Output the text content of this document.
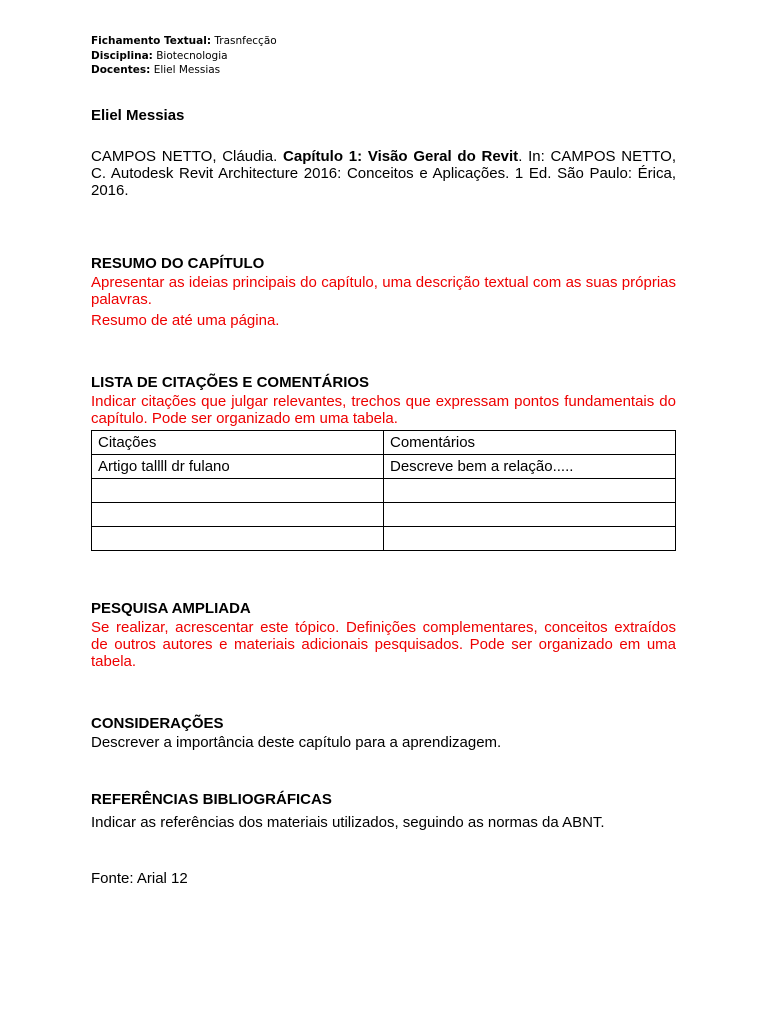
Fichamento Textual: Trasnfecção
Disciplina: Biotecnologia
Docentes: Eliel Messias
Eliel Messias
CAMPOS NETTO, Cláudia. Capítulo 1: Visão Geral do Revit. In: CAMPOS NETTO, C. Autodesk Revit Architecture 2016: Conceitos e Aplicações. 1 Ed. São Paulo: Érica, 2016.
RESUMO DO CAPÍTULO
Apresentar as ideias principais do capítulo, uma descrição textual com as suas próprias palavras.
Resumo de até uma página.
LISTA DE CITAÇÕES E COMENTÁRIOS
Indicar citações que julgar relevantes, trechos que expressam pontos fundamentais do capítulo. Pode ser organizado em uma tabela.
Citações	Comentários
Artigo tallll dr fulano	Descreve bem a relação.....

PESQUISA AMPLIADA
Se realizar, acrescentar este tópico. Definições complementares, conceitos extraídos de outros autores e materiais adicionais pesquisados. Pode ser organizado em uma tabela.
CONSIDERAÇÕES
Descrever a importância deste capítulo para a aprendizagem.
REFERÊNCIAS BIBLIOGRÁFICAS
Indicar as referências dos materiais utilizados, seguindo as normas da ABNT.
Fonte: Arial 12
